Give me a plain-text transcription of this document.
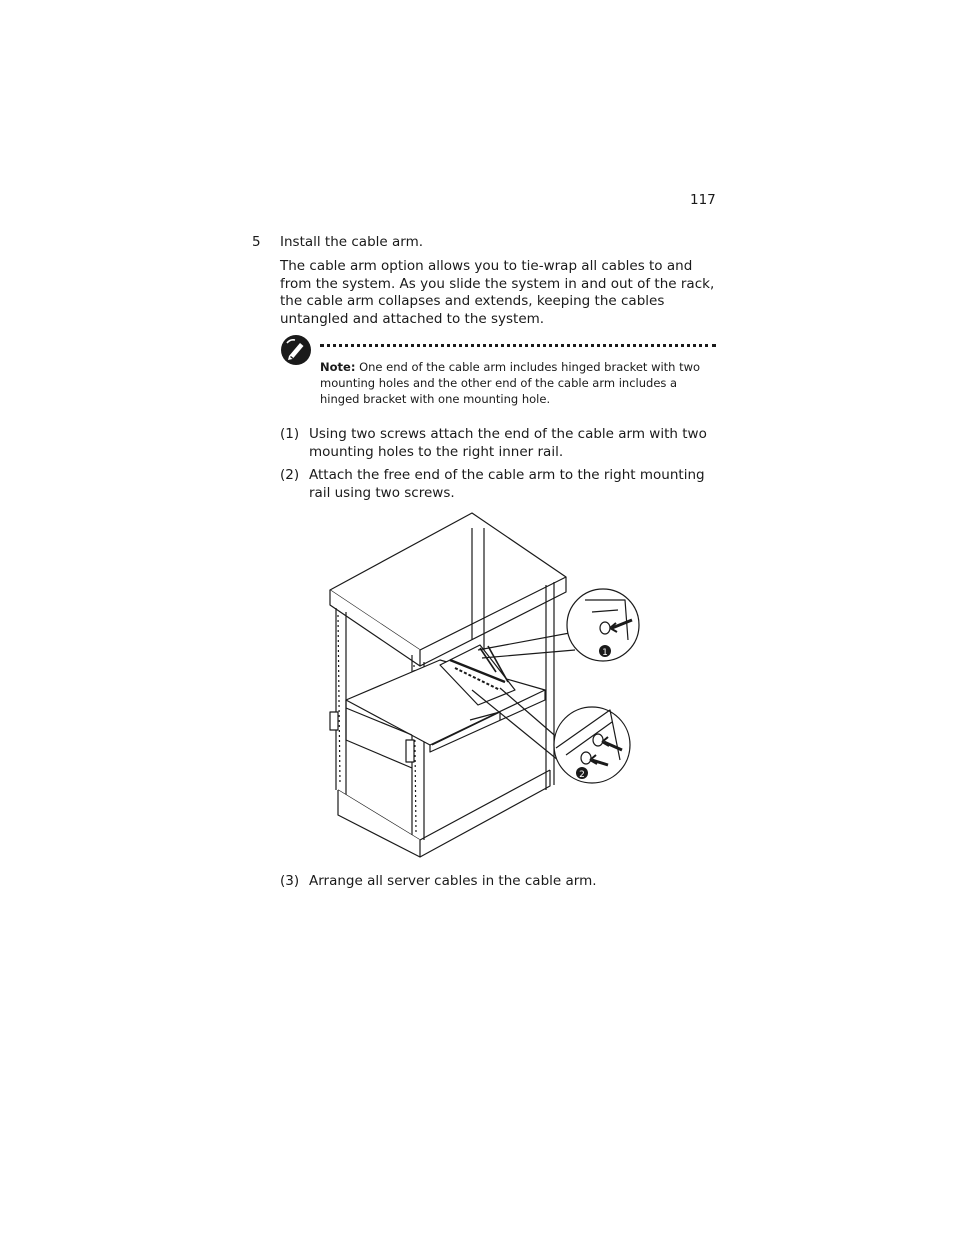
117
5 Install the cable arm.
The cable arm option allows you to tie-wrap all cables to and from the system. As you slide the system in and out of the rack, the cable arm collapses and extends, keeping the cables untangled and attached to the system.
Note: One end of the cable arm includes hinged bracket with two mounting holes and the other end of the cable arm includes a hinged bracket with one mounting hole.
(1) Using two screws attach the end of the cable arm with two mounting holes to the right inner rail.
(2) Attach the free end of the cable arm to the right mounting rail using two screws.
1
2
(3) Arrange all server cables in the cable arm.
